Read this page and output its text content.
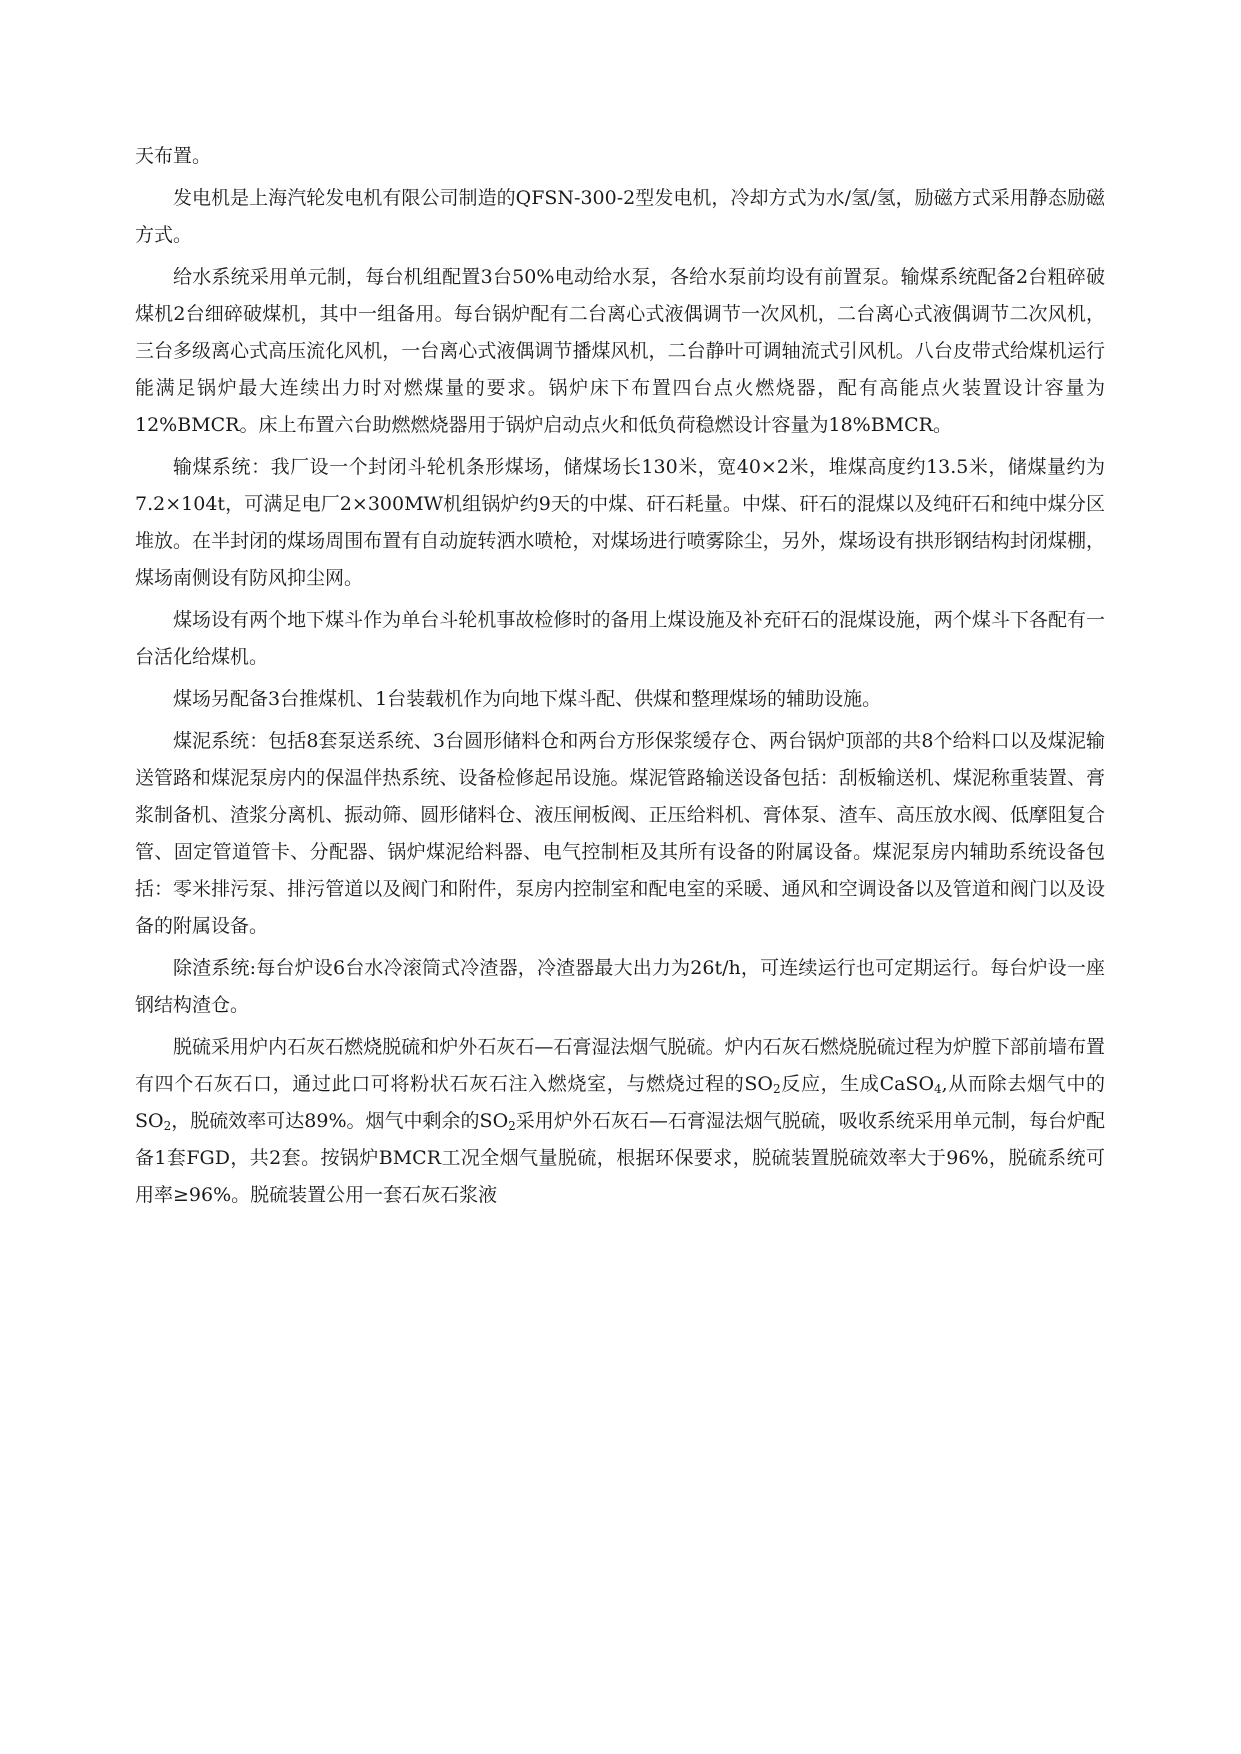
天布置。

发电机是上海汽轮发电机有限公司制造的QFSN-300-2型发电机，冷却方式为水/氢/氢，励磁方式采用静态励磁方式。

给水系统采用单元制，每台机组配置3台50%电动给水泵，各给水泵前均设有前置泵。输煤系统配备2台粗碎破煤机2台细碎破煤机，其中一组备用。每台锅炉配有二台离心式液偶调节一次风机，二台离心式液偶调节二次风机，三台多级离心式高压流化风机，一台离心式液偶调节播煤风机，二台静叶可调轴流式引风机。八台皮带式给煤机运行能满足锅炉最大连续出力时对燃煤量的要求。锅炉床下布置四台点火燃烧器，配有高能点火装置设计容量为12%BMCR。床上布置六台助燃燃烧器用于锅炉启动点火和低负荷稳燃设计容量为18%BMCR。

输煤系统：我厂设一个封闭斗轮机条形煤场，储煤场长130米，宽40×2米，堆煤高度约13.5米，储煤量约为7.2×104t，可满足电厂2×300MW机组锅炉约9天的中煤、矸石耗量。中煤、矸石的混煤以及纯矸石和纯中煤分区堆放。在半封闭的煤场周围布置有自动旋转洒水喷枪，对煤场进行喷雾除尘，另外，煤场设有拱形钢结构封闭煤棚，煤场南侧设有防风抑尘网。

煤场设有两个地下煤斗作为单台斗轮机事故检修时的备用上煤设施及补充矸石的混煤设施，两个煤斗下各配有一台活化给煤机。

煤场另配备3台推煤机、1台装载机作为向地下煤斗配、供煤和整理煤场的辅助设施。

煤泥系统：包括8套泵送系统、3台圆形储料仓和两台方形保浆缓存仓、两台锅炉顶部的共8个给料口以及煤泥输送管路和煤泥泵房内的保温伴热系统、设备检修起吊设施。煤泥管路输送设备包括：刮板输送机、煤泥称重装置、膏浆制备机、渣浆分离机、振动筛、圆形储料仓、液压闸板阀、正压给料机、膏体泵、渣车、高压放水阀、低摩阻复合管、固定管道管卡、分配器、锅炉煤泥给料器、电气控制柜及其所有设备的附属设备。煤泥泵房内辅助系统设备包括：零米排污泵、排污管道以及阀门和附件，泵房内控制室和配电室的采暖、通风和空调设备以及管道和阀门以及设备的附属设备。

除渣系统:每台炉设6台水冷滚筒式冷渣器，冷渣器最大出力为26t/h，可连续运行也可定期运行。每台炉设一座钢结构渣仓。

脱硫采用炉内石灰石燃烧脱硫和炉外石灰石—石膏湿法烟气脱硫。炉内石灰石燃烧脱硫过程为炉膛下部前墙布置有四个石灰石口，通过此口可将粉状石灰石注入燃烧室，与燃烧过程的$SO_2$反应，生成CaSO$_4$,从而除去烟气中的$SO_2$，脱硫效率可达89%。烟气中剩余的$SO_2$采用炉外石灰石—石膏湿法烟气脱硫，吸收系统采用单元制，每台炉配备1套FGD，共2套。按锅炉BMCR工况全烟气量脱硫，根据环保要求，脱硫装置脱硫效率大于96%，脱硫系统可用率≥96%。脱硫装置公用一套石灰石浆液
